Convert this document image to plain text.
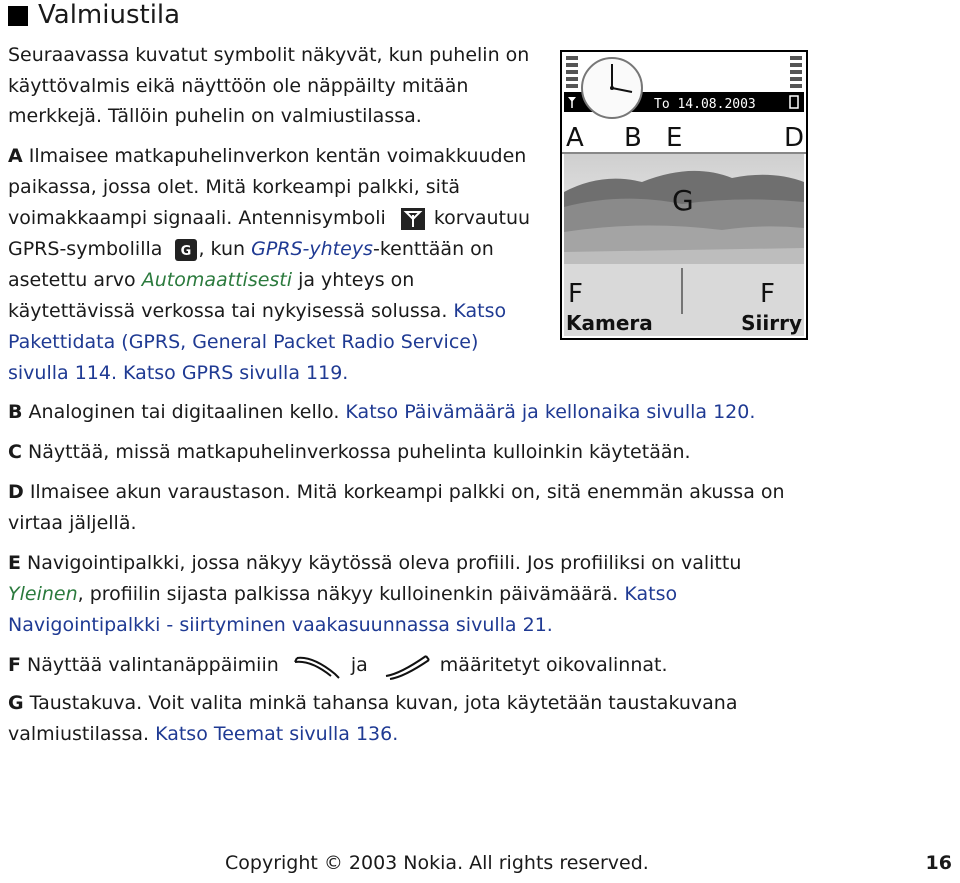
Valmiustila
Seuraavassa kuvatut symbolit näkyvät, kun puhelin on
käyttövalmis eikä näyttöön ole näppäilty mitään
merkkejä. Tällöin puhelin on valmiustilassa.
A Ilmaisee matkapuhelinverkon kentän voimakkuuden
paikassa, jossa olet. Mitä korkeampi palkki, sitä
voimakkaampi signaali. Antennisymboli	korvautuu
GPRS-symbolilla G , kun GPRS-yhteys-kenttään on
asetettu arvo Automaattisesti ja yhteys on
käytettävissä verkossa tai nykyisessä solussa. Katso
Pakettidata (GPRS, General Packet Radio Service)
sivulla 114. Katso GPRS sivulla 119.
B Analoginen tai digitaalinen kello. Katso Päivämäärä ja kellonaika sivulla 120.
C Näyttää, missä matkapuhelinverkossa puhelinta kulloinkin käytetään.
D Ilmaisee akun varaustason. Mitä korkeampi palkki on, sitä enemmän akussa on
virtaa jäljellä.
E Navigointipalkki, jossa näkyy käytössä oleva profiili. Jos profiiliksi on valittu
Yleinen, profiilin sijasta palkissa näkyy kulloinenkin päivämäärä. Katso
Navigointipalkki - siirtyminen vaakasuunnassa sivulla 21.
F Näyttää valintanäppäimiin	ja	määritetyt oikovalinnat.
G Taustakuva. Voit valita minkä tahansa kuvan, jota käytetään taustakuvana
valmiustilassa. Katso Teemat sivulla 136.
To 14.08.2003
A B E	D
G
F	F
Kamera	Siirry
Copyright © 2003 Nokia. All rights reserved.	16
